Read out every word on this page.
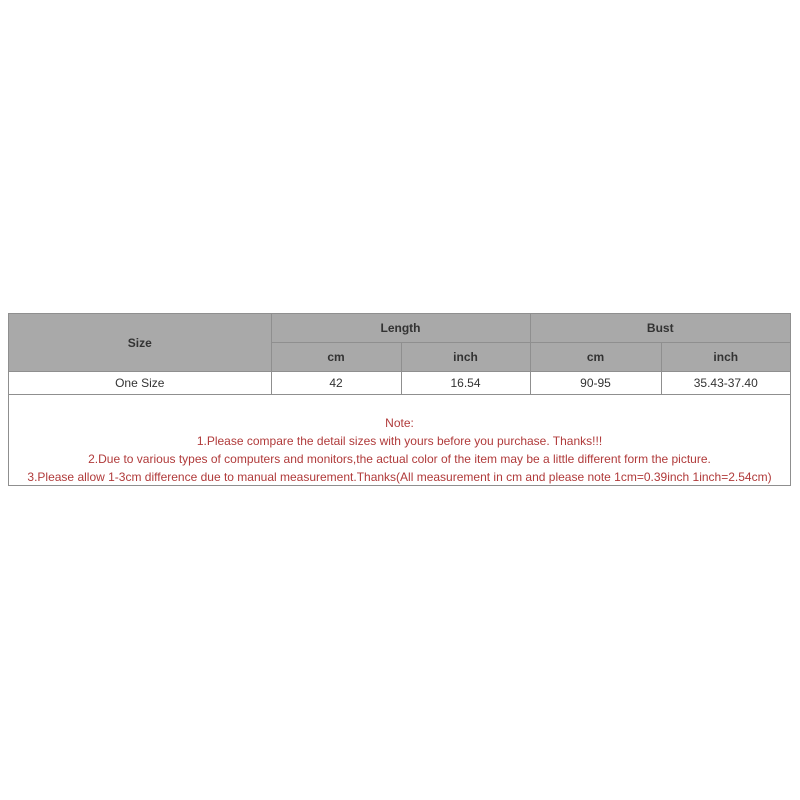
Size	Length		Bust	
	cm	inch	cm	inch
One Size	42	16.54	90-95	35.43-37.40
Note:
1.Please compare the detail sizes with yours before you purchase. Thanks!!!
2.Due to various types of computers and monitors,the actual color of the item may be a little different form the picture.
3.Please allow 1-3cm difference due to manual measurement.Thanks(All measurement in cm and please note 1cm=0.39inch 1inch=2.54cm)
